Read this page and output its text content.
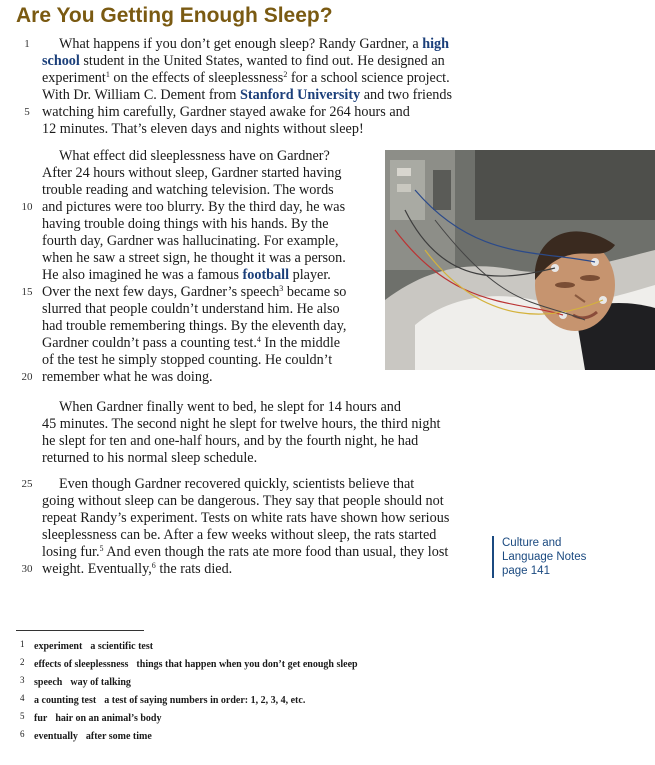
Are You Getting Enough Sleep?
1	What happens if you don’t get enough sleep? Randy Gardner, a high
school student in the United States, wanted to find out. He designed an
experiment$^1$ on the effects of sleeplessness$^2$ for a school science project.
With Dr. William C. Dement from Stanford University and two friends
5 watching him carefully, Gardner stayed awake for 264 hours and
12 minutes. That’s eleven days and nights without sleep!
What effect did sleeplessness have on Gardner?
After 24 hours without sleep, Gardner started having
trouble reading and watching television. The words
10 and pictures were too blurry. By the third day, he was
having trouble doing things with his hands. By the
fourth day, Gardner was hallucinating. For example,
when he saw a street sign, he thought it was a person.
He also imagined he was a famous football player.
15 Over the next few days, Gardner’s speech$^3$ became so
slurred that people couldn’t understand him. He also
had trouble remembering things. By the eleventh day,
Gardner couldn’t pass a counting test.$^4$ In the middle
of the test he simply stopped counting. He couldn’t
20 remember what he was doing.
When Gardner finally went to bed, he slept for 14 hours and
45 minutes. The second night he slept for twelve hours, the third night
he slept for ten and one-half hours, and by the fourth night, he had
returned to his normal sleep schedule.
25 Even though Gardner recovered quickly, scientists believe that
going without sleep can be dangerous. They say that people should not
repeat Randy’s experiment. Tests on white rats have shown how serious
sleeplessness can be. After a few weeks without sleep, the rats started
losing fur.$^5$ And even though the rats ate more food than usual, they lost
30 weight. Eventually,$^6$ the rats died.
Culture and
Language Notes
page 141
1 experiment a scientific test
2 effects of sleeplessness things that happen when you don’t get enough sleep
3 speech way of talking
4 a counting test a test of saying numbers in order: 1, 2, 3, 4, etc.
5 fur hair on an animal’s body
6 eventually after some time
